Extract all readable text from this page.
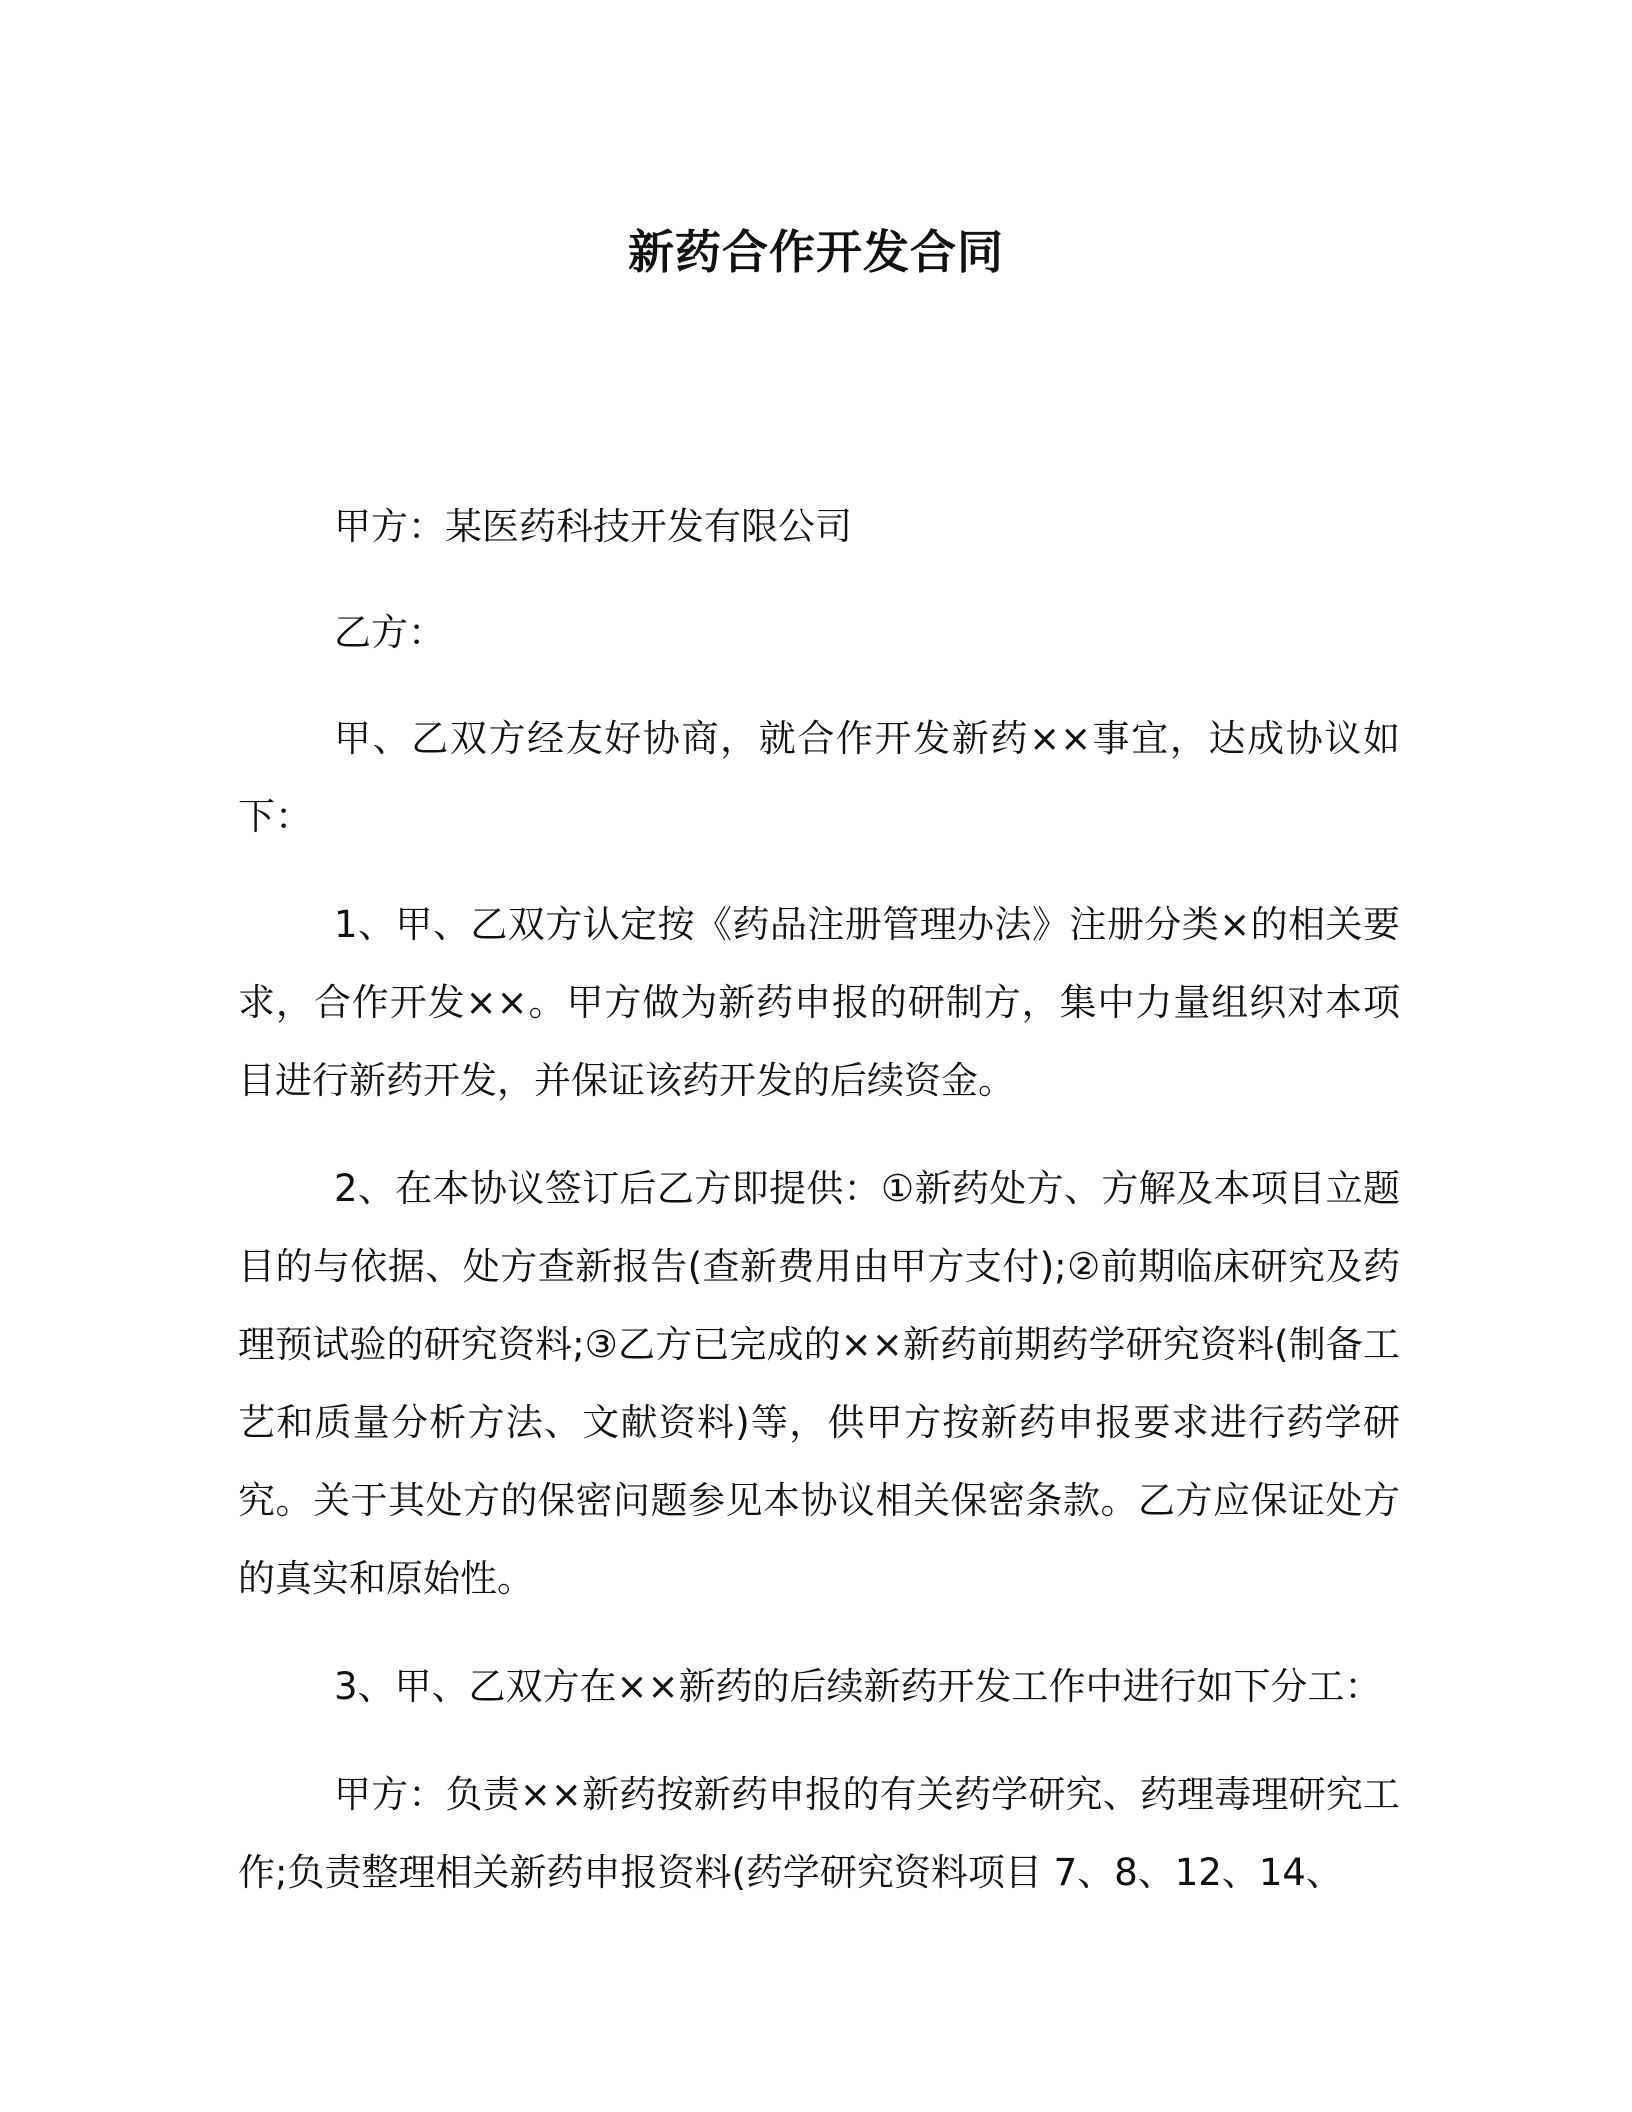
新药合作开发合同

甲方：某医药科技开发有限公司

乙方：

甲、乙双方经友好协商，就合作开发新药××事宜，达成协议如下：

1、甲、乙双方认定按《药品注册管理办法》注册分类×的相关要求，合作开发××。甲方做为新药申报的研制方，集中力量组织对本项目进行新药开发，并保证该药开发的后续资金。

2、在本协议签订后乙方即提供：①新药处方、方解及本项目立题目的与依据、处方查新报告(查新费用由甲方支付);②前期临床研究及药理预试验的研究资料;③乙方已完成的××新药前期药学研究资料(制备工艺和质量分析方法、文献资料)等，供甲方按新药申报要求进行药学研究。关于其处方的保密问题参见本协议相关保密条款。乙方应保证处方的真实和原始性。

3、甲、乙双方在××新药的后续新药开发工作中进行如下分工：

甲方：负责××新药按新药申报的有关药学研究、药理毒理研究工作;负责整理相关新药申报资料(药学研究资料项目 7、8、12、14、
